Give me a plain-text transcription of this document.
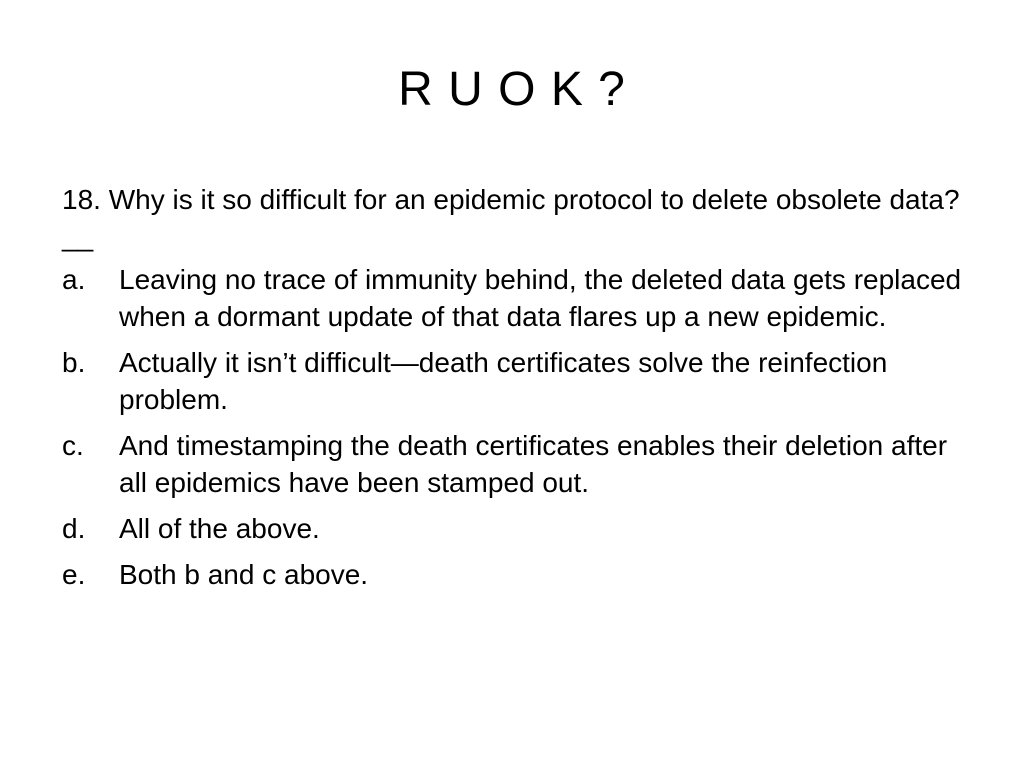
R U O K ?

18. Why is it so difficult for an epidemic protocol to delete obsolete data? __

a.	Leaving no trace of immunity behind, the deleted data gets replaced when a dormant update of that data flares up a new epidemic.
b.	Actually it isn’t difficult—death certificates solve the reinfection problem.
c.	And timestamping the death certificates enables their deletion after all epidemics have been stamped out.
d.	All of the above.
e.	Both b and c above.
